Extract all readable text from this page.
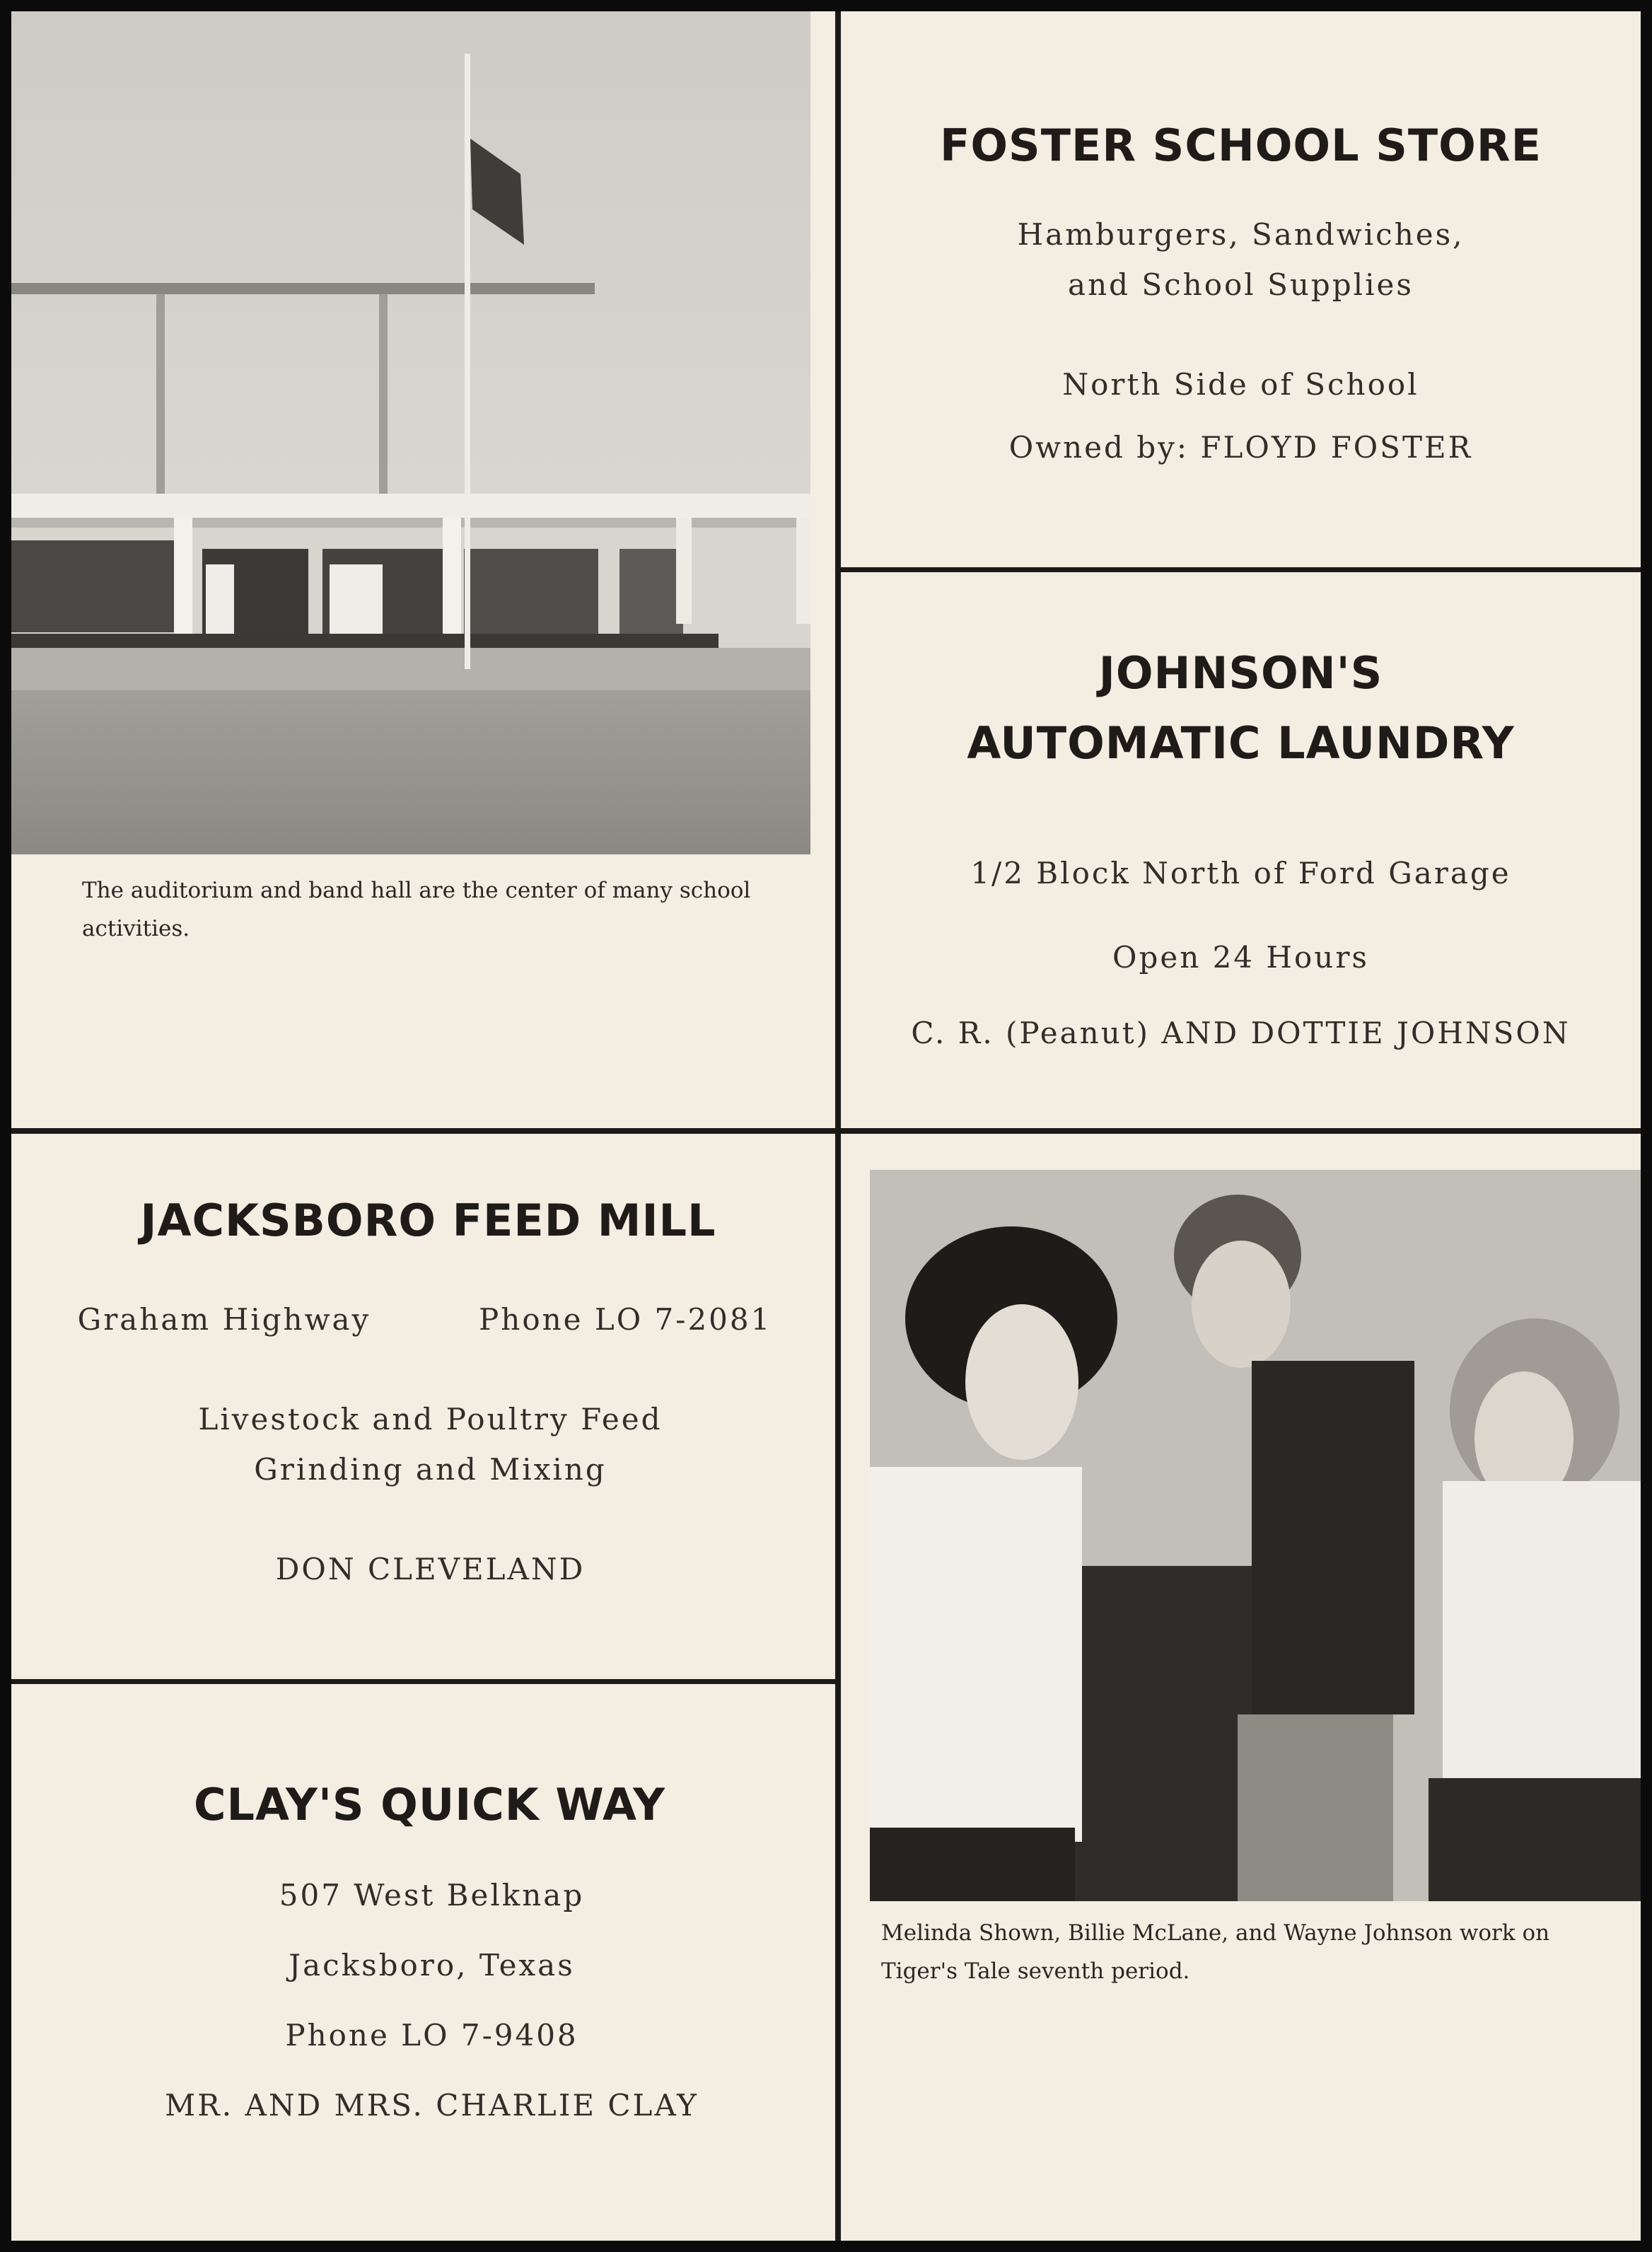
The auditorium and band hall are the center of many school activities.
FOSTER SCHOOL STORE
Hamburgers, Sandwiches,
and School Supplies
North Side of School
Owned by: FLOYD FOSTER
JOHNSON'S
AUTOMATIC LAUNDRY
1/2 Block North of Ford Garage
Open 24 Hours
C. R. (Peanut) AND DOTTIE JOHNSON
JACKSBORO FEED MILL
Graham Highway	Phone LO 7-2081
Livestock and Poultry Feed
Grinding and Mixing
DON CLEVELAND
CLAY'S QUICK WAY
507 West Belknap
Jacksboro, Texas
Phone LO 7-9408
MR. AND MRS. CHARLIE CLAY
Melinda Shown, Billie McLane, and Wayne Johnson work on Tiger's Tale seventh period.
